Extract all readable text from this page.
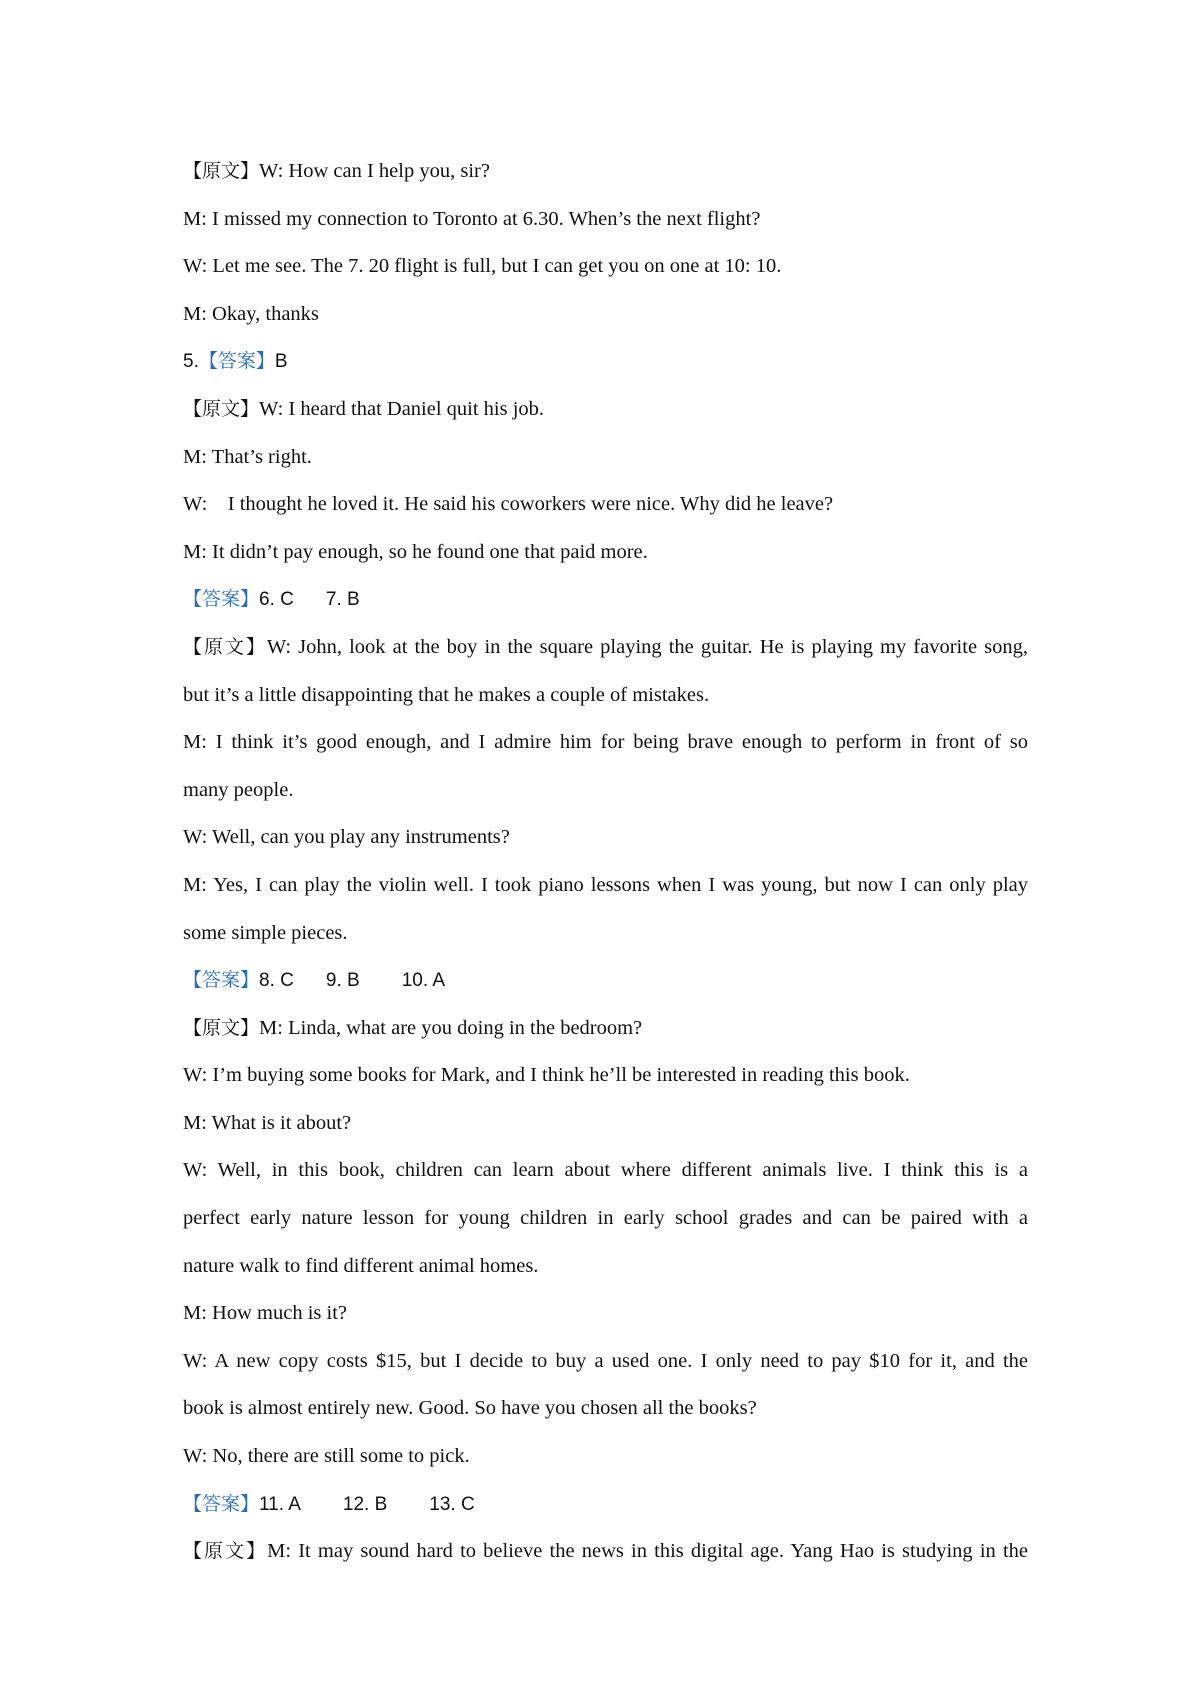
【原文】W: How can I help you, sir?
M: I missed my connection to Toronto at 6.30. When’s the next flight?
W: Let me see. The 7. 20 flight is full, but I can get you on one at 10: 10.
M: Okay, thanks
5.【答案】B
【原文】W: I heard that Daniel quit his job.
M: That’s right.
W:    I thought he loved it. He said his coworkers were nice. Why did he leave?
M: It didn’t pay enough, so he found one that paid more.
【答案】6. C 7. B
【原文】W: John, look at the boy in the square playing the guitar. He is playing my favorite song,
but it’s a little disappointing that he makes a couple of mistakes.
M: I think it’s good enough, and I admire him for being brave enough to perform in front of so
many people.
W: Well, can you play any instruments?
M: Yes, I can play the violin well. I took piano lessons when I was young, but now I can only play
some simple pieces.
【答案】8. C 9. B 10. A
【原文】M: Linda, what are you doing in the bedroom?
W: I’m buying some books for Mark, and I think he’ll be interested in reading this book.
M: What is it about?
W: Well, in this book, children can learn about where different animals live. I think this is a
perfect early nature lesson for young children in early school grades and can be paired with a
nature walk to find different animal homes.
M: How much is it?
W: A new copy costs $15, but I decide to buy a used one. I only need to pay $10 for it, and the
book is almost entirely new. Good. So have you chosen all the books?
W: No, there are still some to pick.
【答案】11. A 12. B 13. C
【原文】M: It may sound hard to believe the news in this digital age. Yang Hao is studying in the
